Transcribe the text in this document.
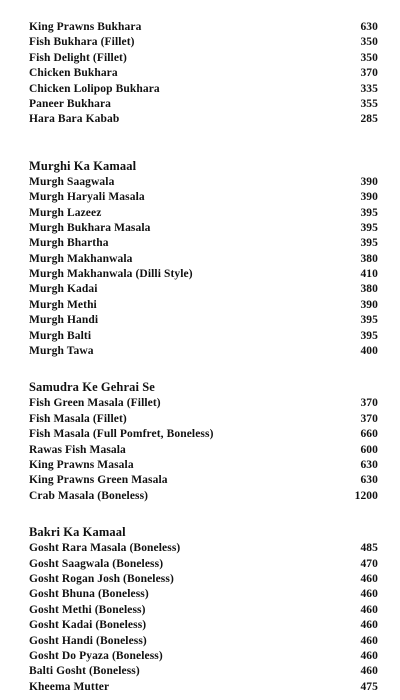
King Prawns Bukhara	630
Fish Bukhara (Fillet)	350
Fish Delight (Fillet)	350
Chicken Bukhara	370
Chicken Lolipop Bukhara	335
Paneer Bukhara	355
Hara Bara Kabab	285
Murghi Ka Kamaal
Murgh Saagwala	390
Murgh Haryali Masala	390
Murgh Lazeez	395
Murgh Bukhara Masala	395
Murgh Bhartha	395
Murgh Makhanwala	380
Murgh Makhanwala (Dilli Style)	410
Murgh Kadai	380
Murgh Methi	390
Murgh Handi	395
Murgh Balti	395
Murgh Tawa	400
Samudra Ke Gehrai Se
Fish Green Masala (Fillet)	370
Fish Masala (Fillet)	370
Fish Masala (Full Pomfret, Boneless)	660
Rawas Fish Masala	600
King Prawns Masala	630
King Prawns Green Masala	630
Crab Masala (Boneless)	1200
Bakri Ka Kamaal
Gosht Rara Masala (Boneless)	485
Gosht Saagwala (Boneless)	470
Gosht Rogan Josh (Boneless)	460
Gosht Bhuna (Boneless)	460
Gosht Methi (Boneless)	460
Gosht Kadai (Boneless)	460
Gosht Handi (Boneless)	460
Gosht Do Pyaza (Boneless)	460
Balti Gosht (Boneless)	460
Kheema Mutter	475
